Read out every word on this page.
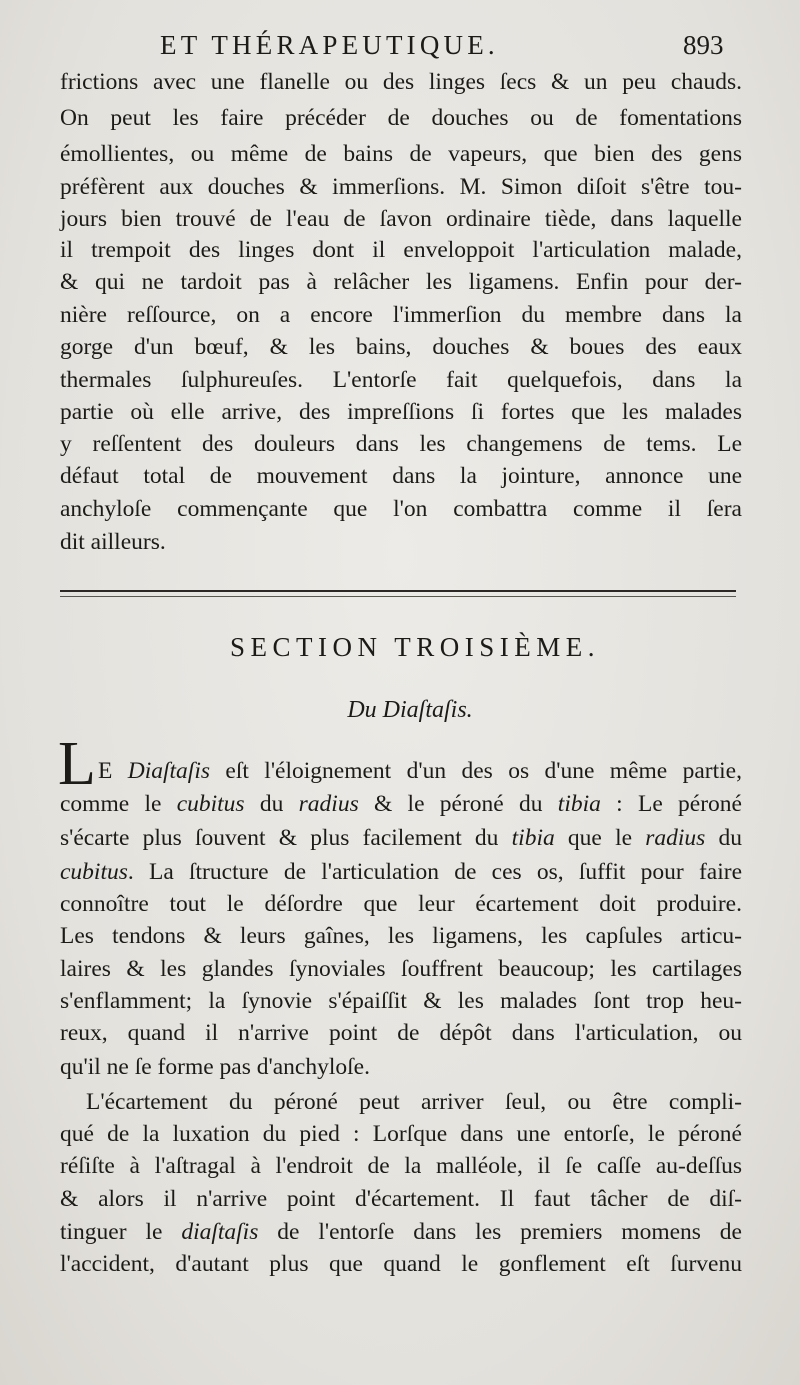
ET THÉRAPEUTIQUE.	893
frictions avec une flanelle ou des linges ſecs & un peu chauds.
On peut les faire précéder de douches ou de fomentations
émollientes, ou même de bains de vapeurs, que bien des gens
préfèrent aux douches & immerſions. M. Simon diſoit s'être tou-
jours bien trouvé de l'eau de ſavon ordinaire tiède, dans laquelle
il trempoit des linges dont il enveloppoit l'articulation malade,
& qui ne tardoit pas à relâcher les ligamens. Enfin pour der-
nière reſſource, on a encore l'immerſion du membre dans la
gorge d'un bœuf, & les bains, douches & boues des eaux
thermales ſulphureuſes. L'entorſe fait quelquefois, dans la
partie où elle arrive, des impreſſions ſi fortes que les malades
y reſſentent des douleurs dans les changemens de tems. Le
défaut total de mouvement dans la jointure, annonce une
anchyloſe commençante que l'on combattra comme il ſera
dit ailleurs.
SECTION TROISIÈME.
Du Diaſtaſis.
L E Diaſtaſis eſt l'éloignement d'un des os d'une même partie,
comme le cubitus du radius & le péroné du tibia : Le péroné
s'écarte plus ſouvent & plus facilement du tibia que le radius du
cubitus. La ſtructure de l'articulation de ces os, ſuffit pour faire
connoître tout le déſordre que leur écartement doit produire.
Les tendons & leurs gaînes, les ligamens, les capſules articu-
laires & les glandes ſynoviales ſouffrent beaucoup; les cartilages
s'enflamment; la ſynovie s'épaiſſit & les malades ſont trop heu-
reux, quand il n'arrive point de dépôt dans l'articulation, ou
qu'il ne ſe forme pas d'anchyloſe.
L'écartement du péroné peut arriver ſeul, ou être compli-
qué de la luxation du pied : Lorſque dans une entorſe, le péroné
réſiſte à l'aſtragal à l'endroit de la malléole, il ſe caſſe au-deſſus
& alors il n'arrive point d'écartement. Il faut tâcher de diſ-
tinguer le diaſtaſis de l'entorſe dans les premiers momens de
l'accident, d'autant plus que quand le gonflement eſt ſurvenu
